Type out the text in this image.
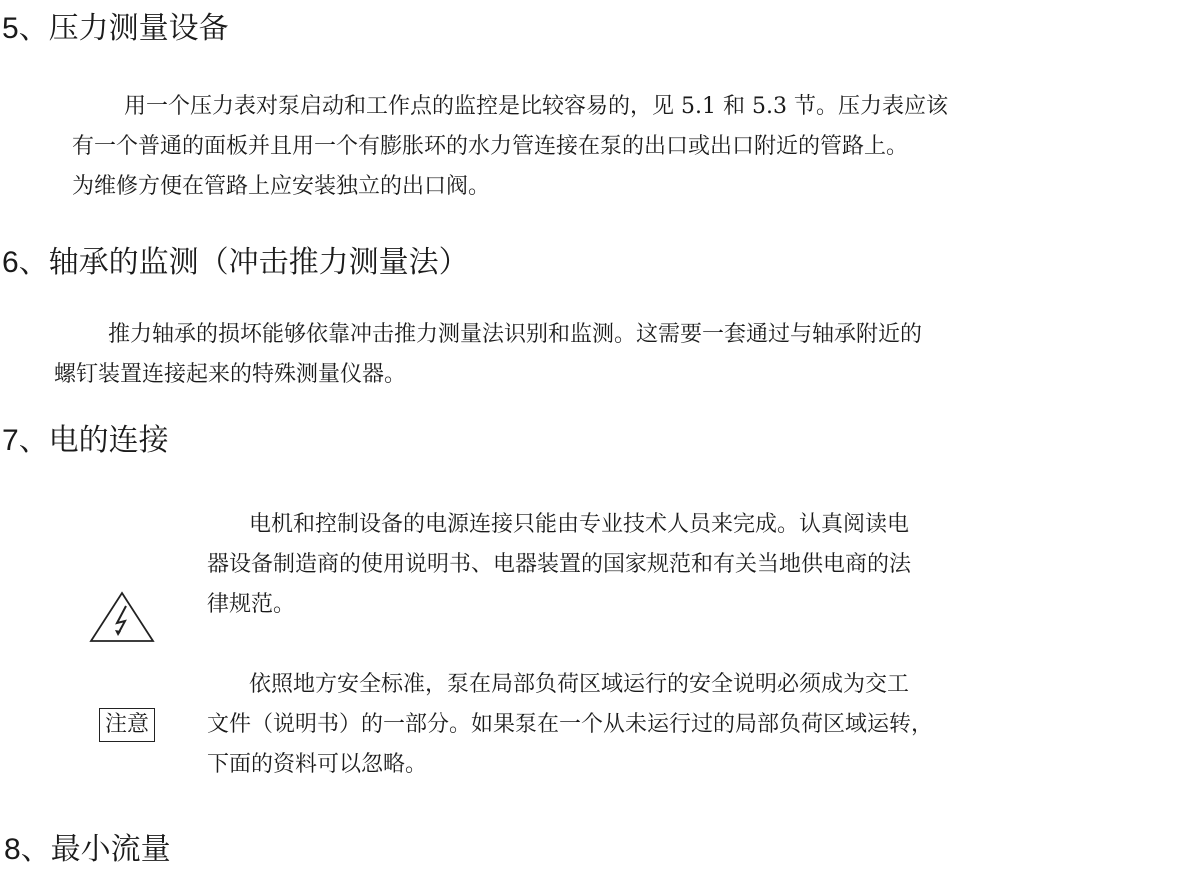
5、压力测量设备
用一个压力表对泵启动和工作点的监控是比较容易的，见 5.1 和 5.3 节。压力表应该
有一个普通的面板并且用一个有膨胀环的水力管连接在泵的出口或出口附近的管路上。
为维修方便在管路上应安装独立的出口阀。
6、轴承的监测（冲击推力测量法）
推力轴承的损坏能够依靠冲击推力测量法识别和监测。这需要一套通过与轴承附近的
螺钉装置连接起来的特殊测量仪器。
7、电的连接
电机和控制设备的电源连接只能由专业技术人员来完成。认真阅读电
器设备制造商的使用说明书、电器装置的国家规范和有关当地供电商的法
律规范。
注意
依照地方安全标准，泵在局部负荷区域运行的安全说明必须成为交工
文件（说明书）的一部分。如果泵在一个从未运行过的局部负荷区域运转，
下面的资料可以忽略。
8、最小流量
